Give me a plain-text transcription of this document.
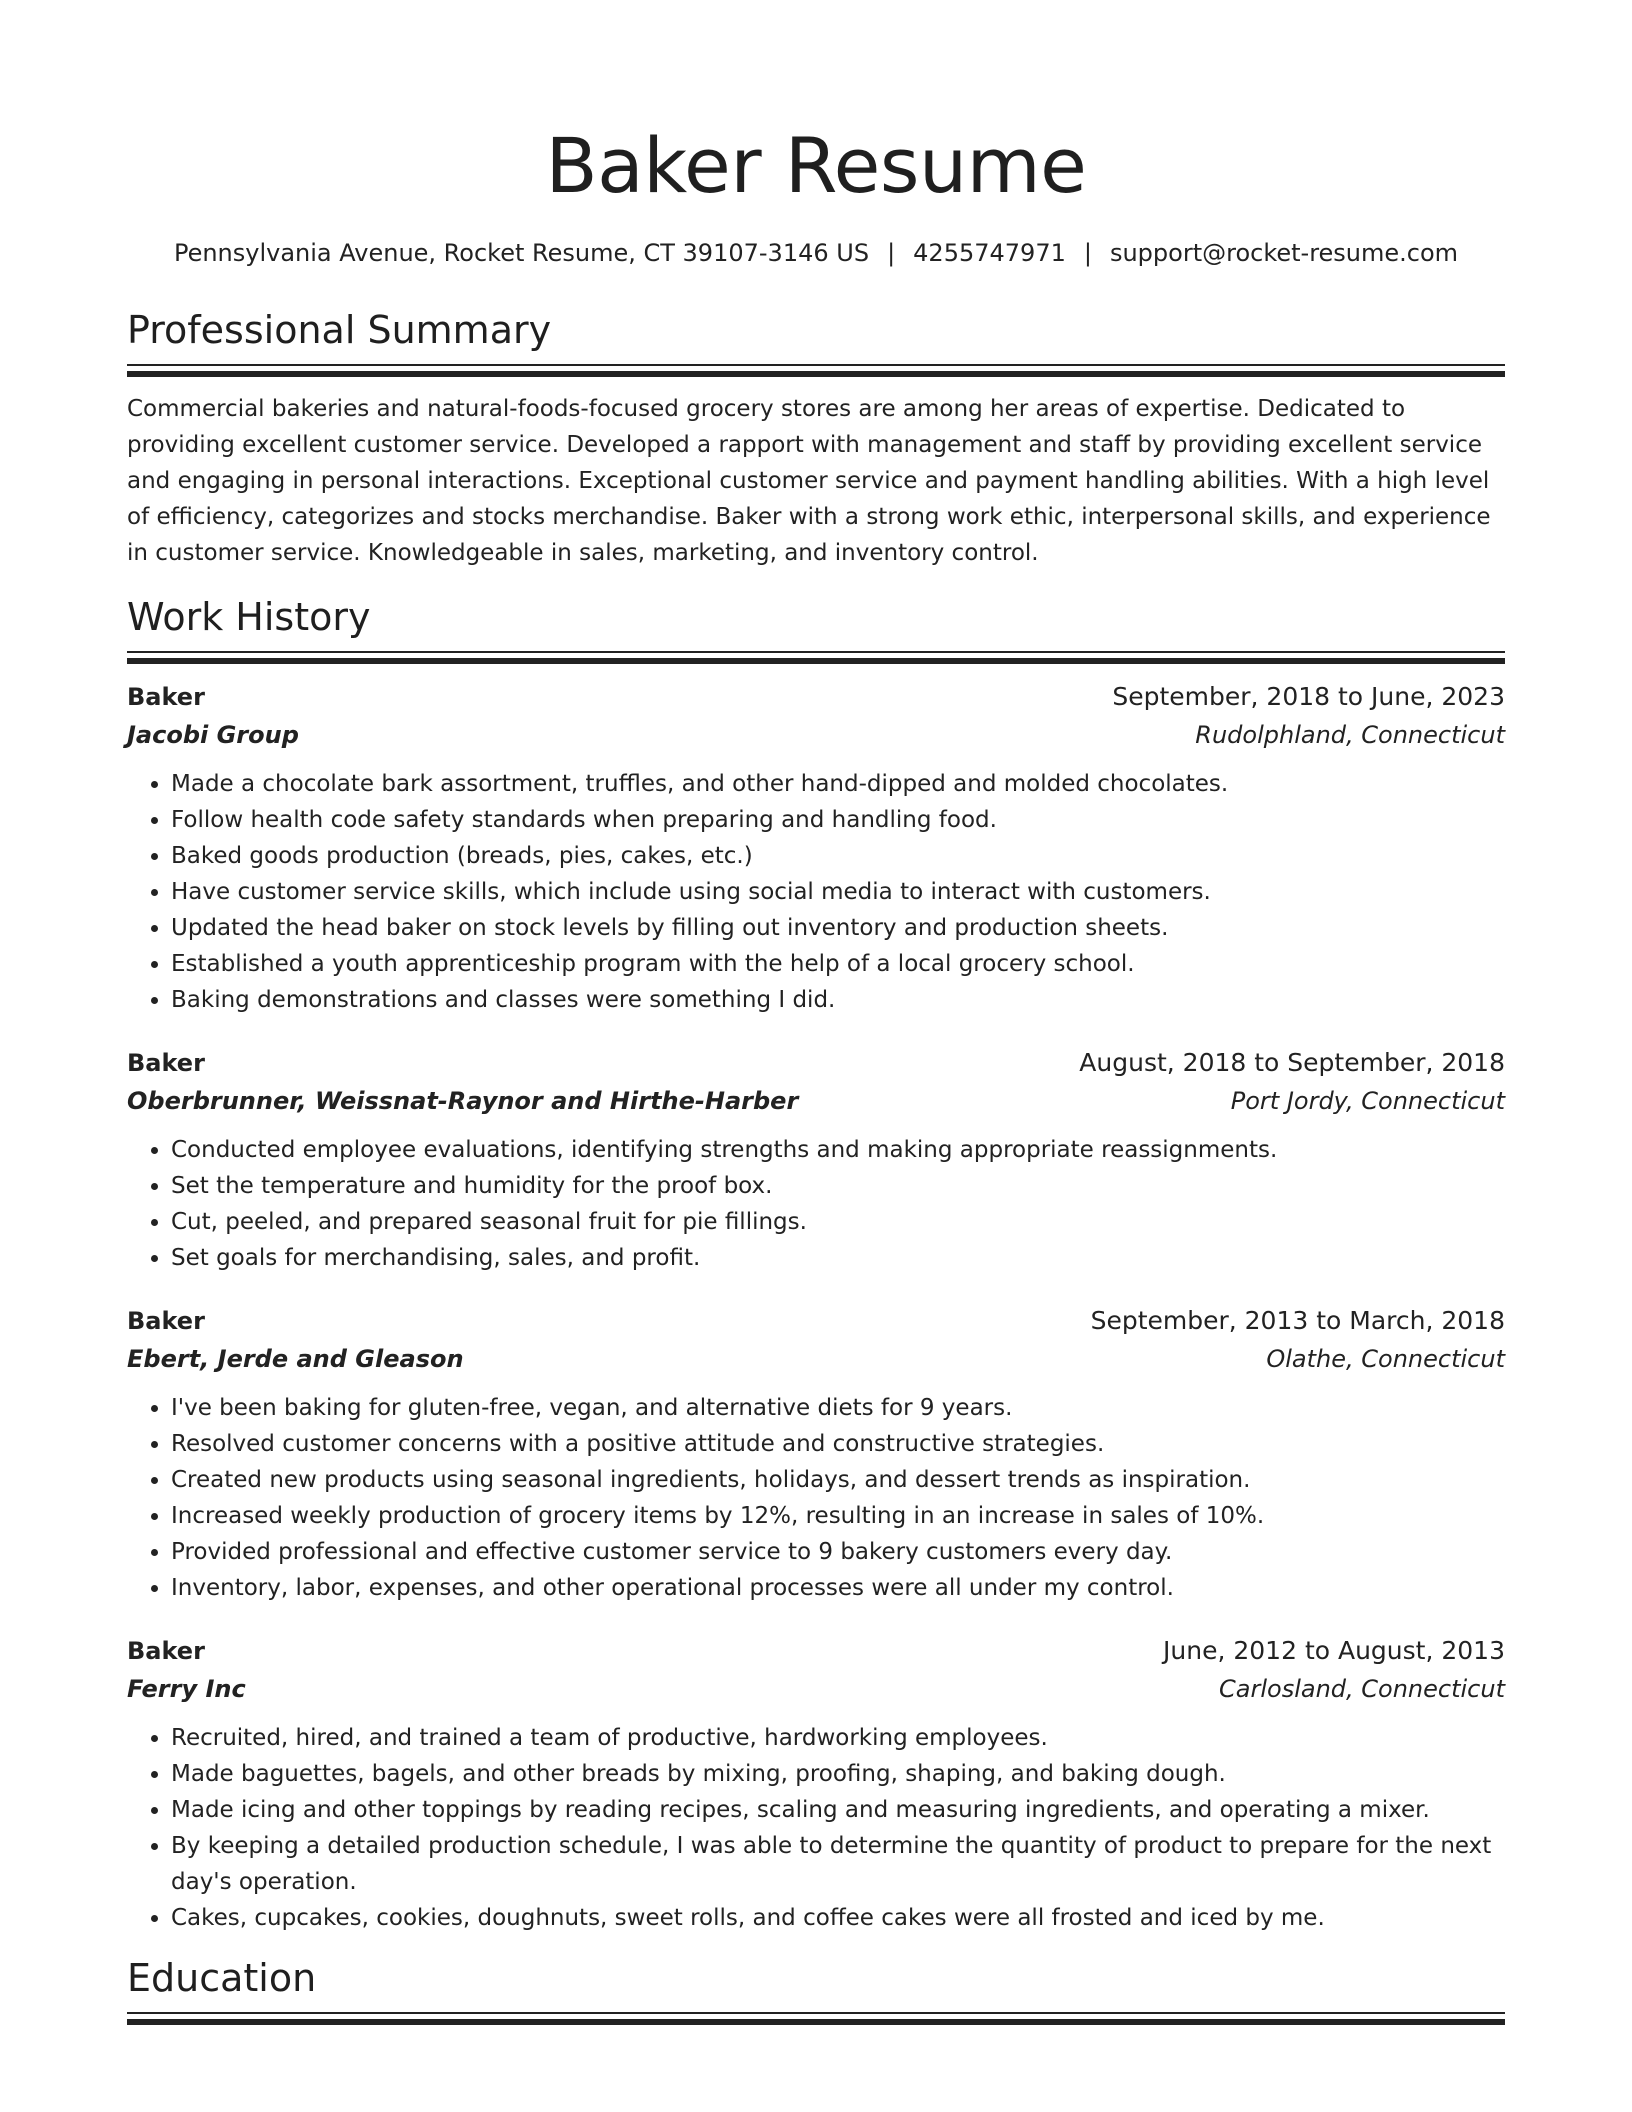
Baker Resume
Pennsylvania Avenue, Rocket Resume, CT 39107-3146 US | 4255747971 | support@rocket-resume.com
Professional Summary

Commercial bakeries and natural-foods-focused grocery stores are among her areas of expertise. Dedicated to providing excellent customer service. Developed a rapport with management and staff by providing excellent service and engaging in personal interactions. Exceptional customer service and payment handling abilities. With a high level of efficiency, categorizes and stocks merchandise. Baker with a strong work ethic, interpersonal skills, and experience in customer service. Knowledgeable in sales, marketing, and inventory control.

Work History
Baker	September, 2018 to June, 2023
Jacobi Group	Rudolphland, Connecticut
• Made a chocolate bark assortment, truffles, and other hand-dipped and molded chocolates.
• Follow health code safety standards when preparing and handling food.
• Baked goods production (breads, pies, cakes, etc.)
• Have customer service skills, which include using social media to interact with customers.
• Updated the head baker on stock levels by filling out inventory and production sheets.
• Established a youth apprenticeship program with the help of a local grocery school.
• Baking demonstrations and classes were something I did.
Baker	August, 2018 to September, 2018
Oberbrunner, Weissnat-Raynor and Hirthe-Harber	Port Jordy, Connecticut
• Conducted employee evaluations, identifying strengths and making appropriate reassignments.
• Set the temperature and humidity for the proof box.
• Cut, peeled, and prepared seasonal fruit for pie fillings.
• Set goals for merchandising, sales, and profit.
Baker	September, 2013 to March, 2018
Ebert, Jerde and Gleason	Olathe, Connecticut
• I've been baking for gluten-free, vegan, and alternative diets for 9 years.
• Resolved customer concerns with a positive attitude and constructive strategies.
• Created new products using seasonal ingredients, holidays, and dessert trends as inspiration.
• Increased weekly production of grocery items by 12%, resulting in an increase in sales of 10%.
• Provided professional and effective customer service to 9 bakery customers every day.
• Inventory, labor, expenses, and other operational processes were all under my control.
Baker	June, 2012 to August, 2013
Ferry Inc	Carlosland, Connecticut
• Recruited, hired, and trained a team of productive, hardworking employees.
• Made baguettes, bagels, and other breads by mixing, proofing, shaping, and baking dough.
• Made icing and other toppings by reading recipes, scaling and measuring ingredients, and operating a mixer.
• By keeping a detailed production schedule, I was able to determine the quantity of product to prepare for the next day's operation.
• Cakes, cupcakes, cookies, doughnuts, sweet rolls, and coffee cakes were all frosted and iced by me.
Education
